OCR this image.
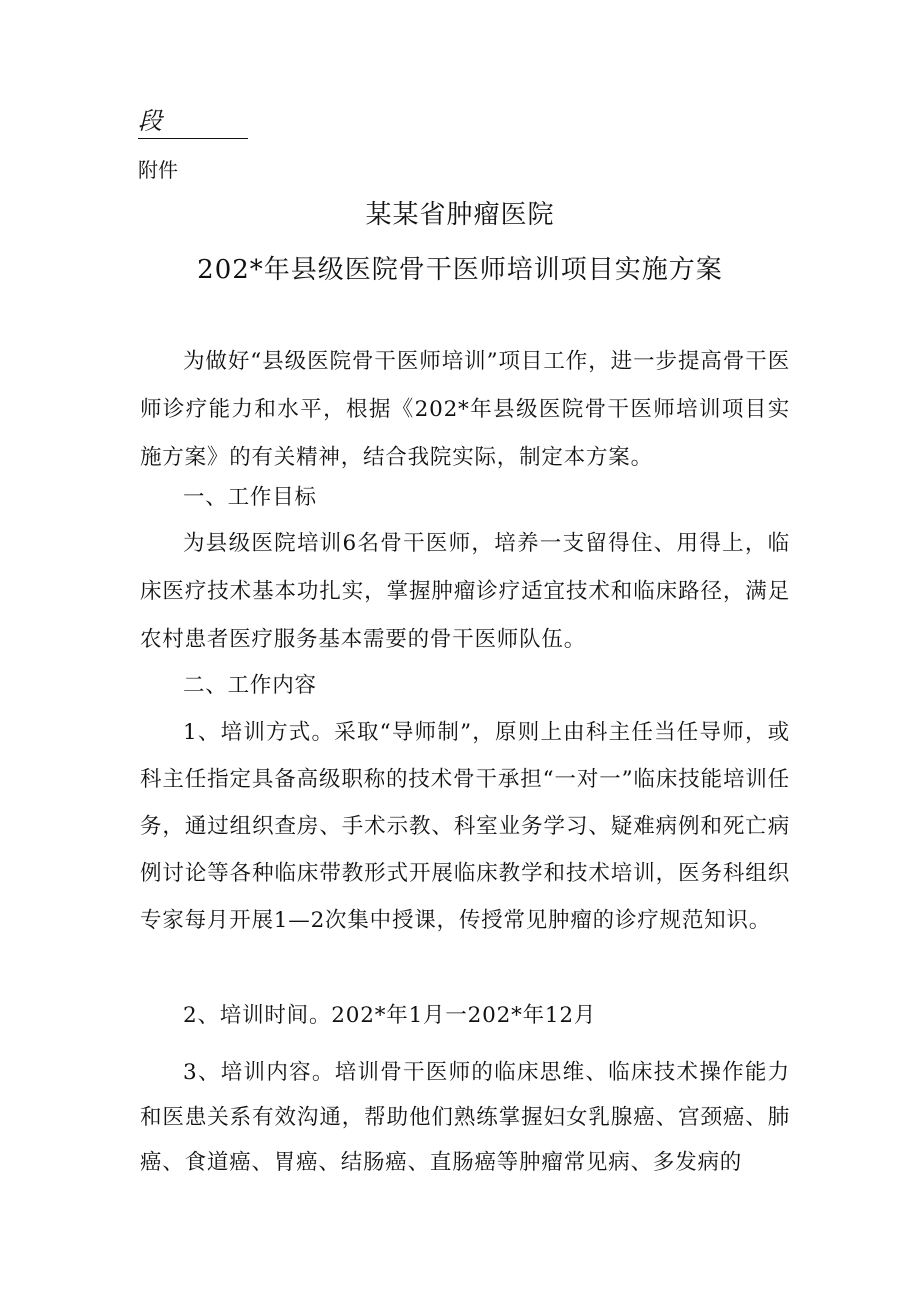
段
附件
某某省肿瘤医院
202*年县级医院骨干医师培训项目实施方案

为做好“县级医院骨干医师培训”项目工作，进一步提高骨干医师诊疗能力和水平，根据《202*年县级医院骨干医师培训项目实施方案》的有关精神，结合我院实际，制定本方案。

一、工作目标

为县级医院培训6名骨干医师，培养一支留得住、用得上，临床医疗技术基本功扎实，掌握肿瘤诊疗适宜技术和临床路径，满足农村患者医疗服务基本需要的骨干医师队伍。

二、工作内容

1、培训方式。采取“导师制”，原则上由科主任当任导师，或科主任指定具备高级职称的技术骨干承担“一对一”临床技能培训任务，通过组织查房、手术示教、科室业务学习、疑难病例和死亡病例讨论等各种临床带教形式开展临床教学和技术培训，医务科组织专家每月开展1—2次集中授课，传授常见肿瘤的诊疗规范知识。

2、培训时间。202*年1月一202*年12月

3、培训内容。培训骨干医师的临床思维、临床技术操作能力和医患关系有效沟通，帮助他们熟练掌握妇女乳腺癌、宫颈癌、肺癌、食道癌、胃癌、结肠癌、直肠癌等肿瘤常见病、多发病的
